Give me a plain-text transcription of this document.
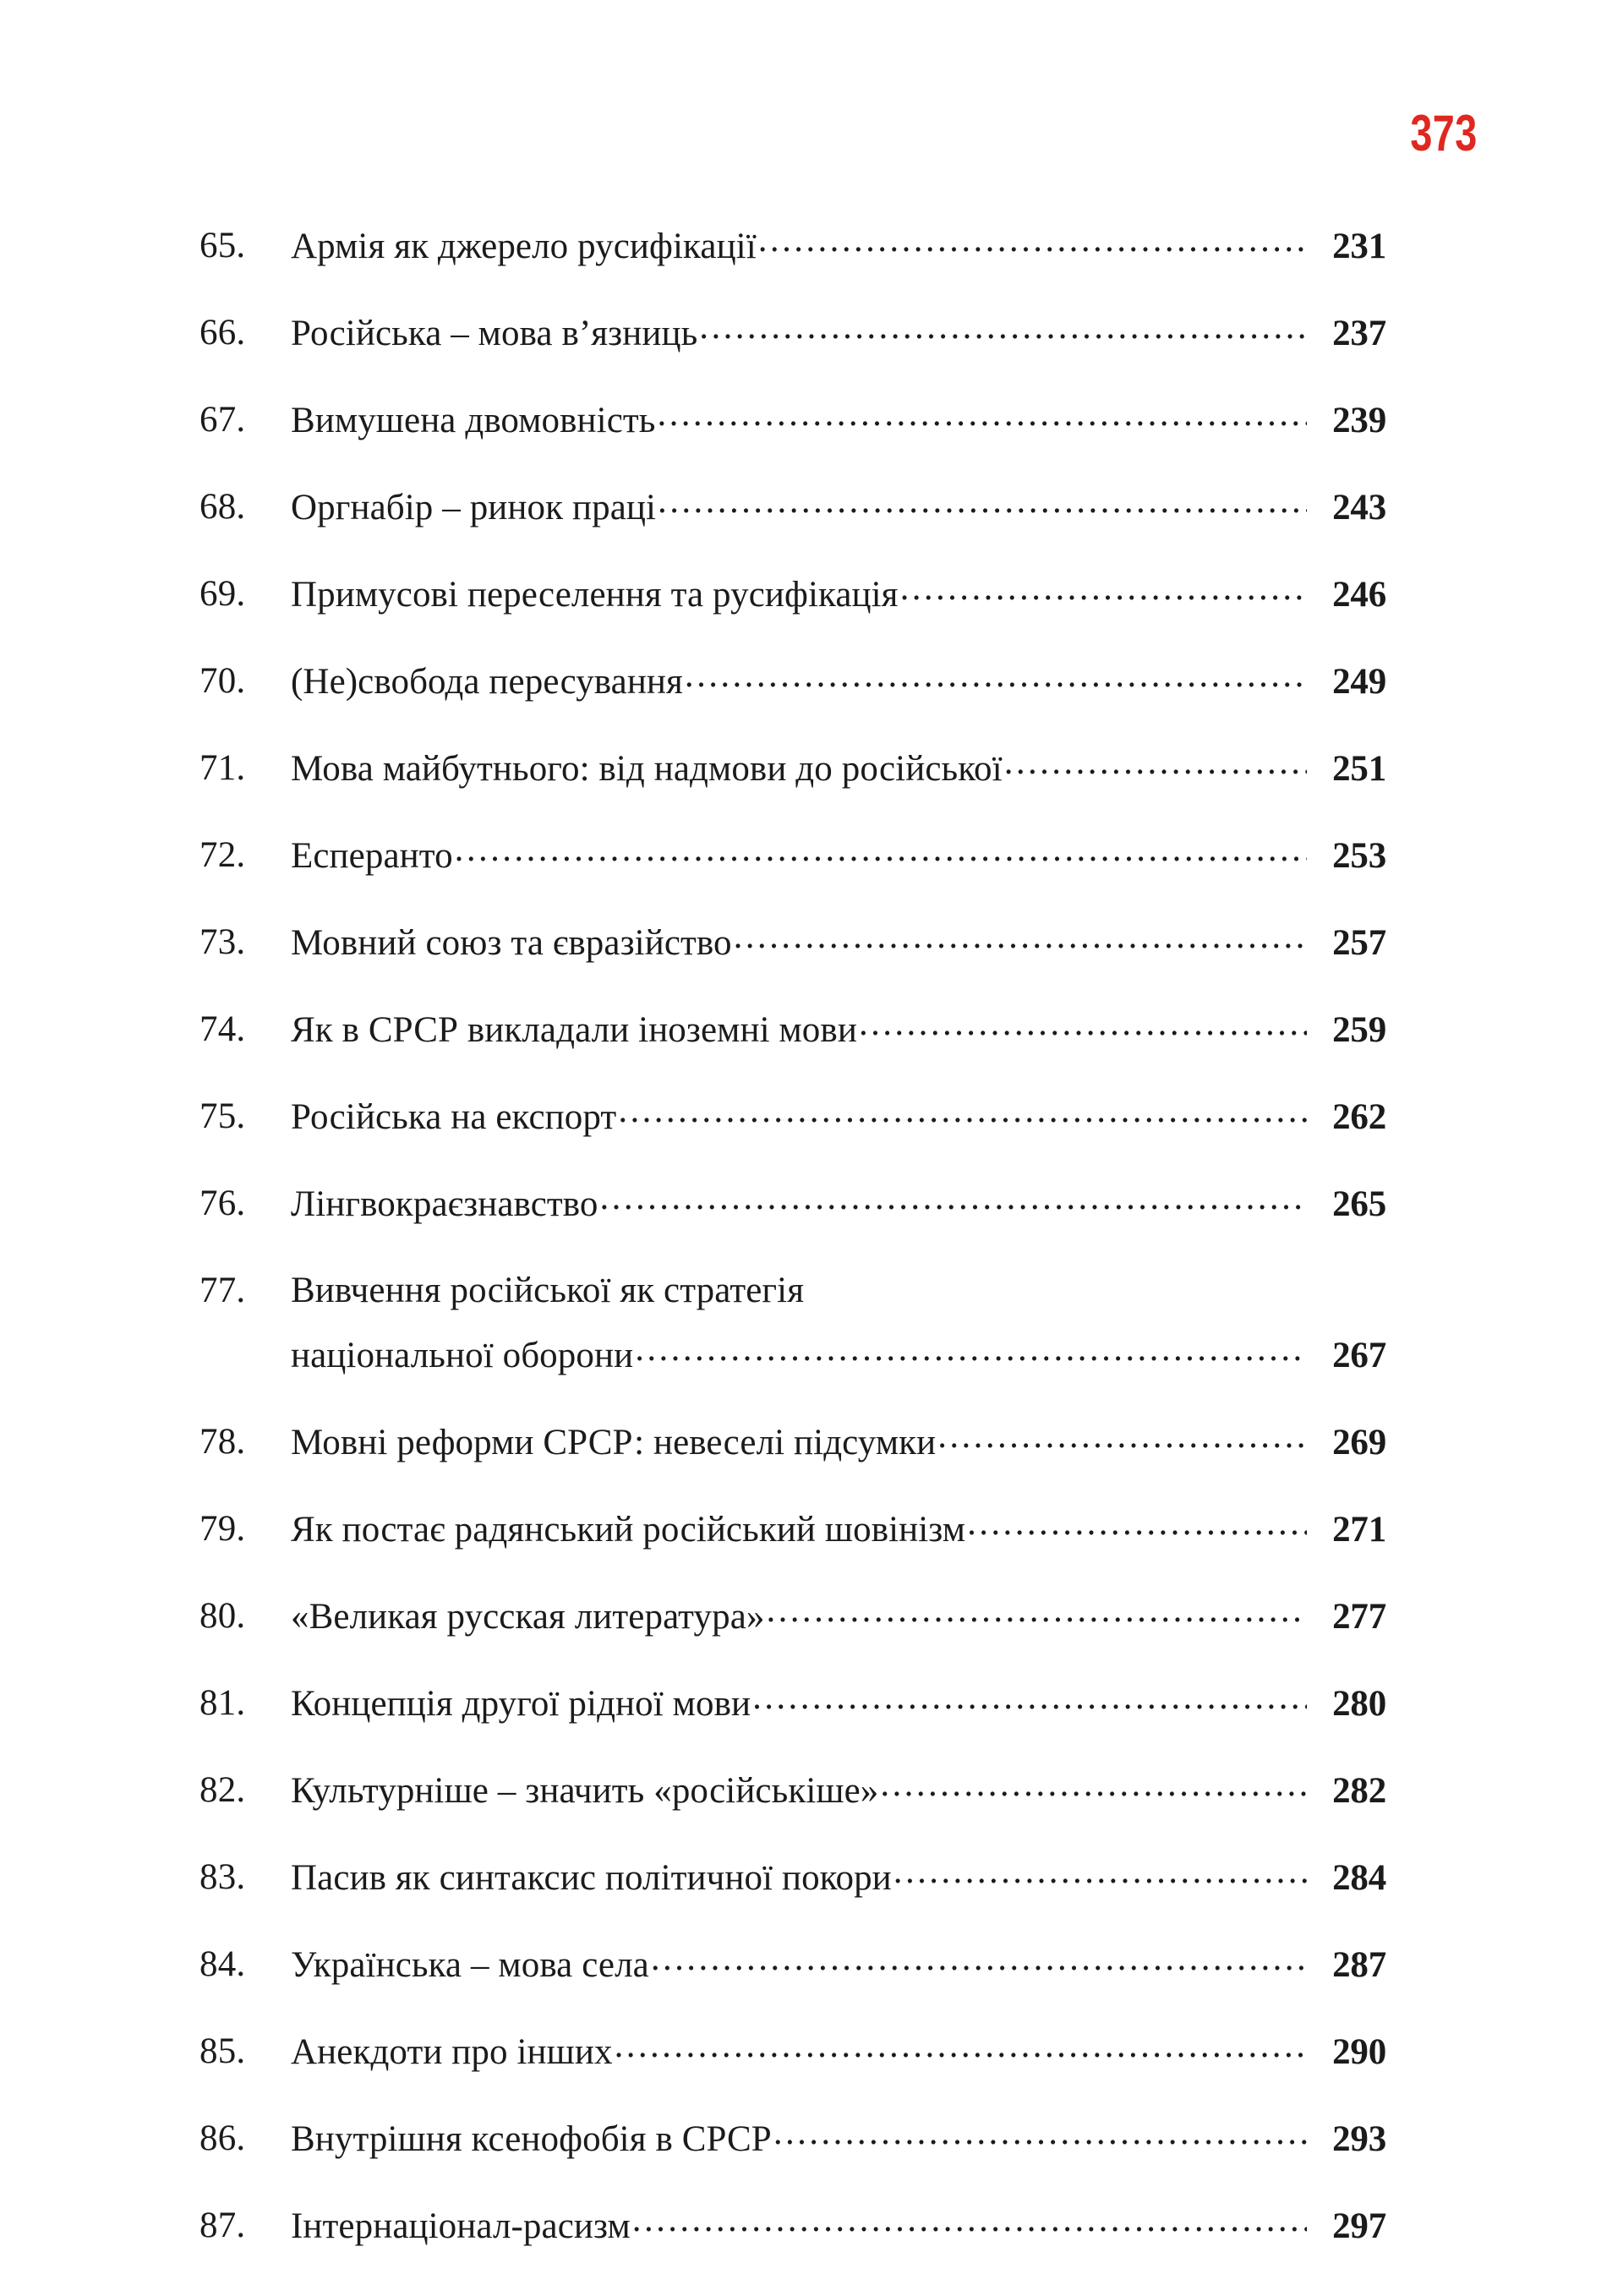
373
65.	Армія як джерело русифікації .....	231
66.	Російська – мова в’язниць .....	237
67.	Вимушена двомовність .....	239
68.	Оргнабір – ринок праці .....	243
69.	Примусові переселення та русифікація .....	246
70.	(Не)свобода пересування .....	249
71.	Мова майбутнього: від надмови до російської .....	251
72.	Есперанто .....	253
73.	Мовний союз та євразійство .....	257
74.	Як в СРСР викладали іноземні мови .....	259
75.	Російська на експорт .....	262
76.	Лінгвокраєзнавство .....	265
77.	Вивчення російської як стратегія
національної оборони .....	267
78.	Мовні реформи СРСР: невеселі підсумки .....	269
79.	Як постає радянський російський шовінізм .....	271
80.	«Великая русская литература» .....	277
81.	Концепція другої рідної мови .....	280
82.	Культурніше – значить «російськіше» .....	282
83.	Пасив як синтаксис політичної покори .....	284
84.	Українська – мова села .....	287
85.	Анекдоти про інших .....	290
86.	Внутрішня ксенофобія в СРСР .....	293
87.	Інтернаціонал-расизм .....	297
